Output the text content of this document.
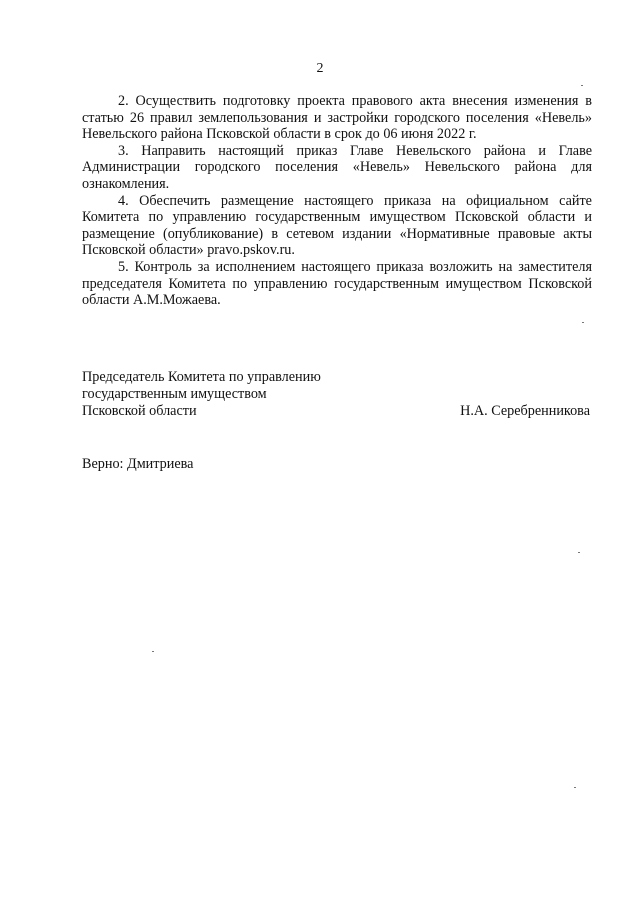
2

2. Осуществить подготовку проекта правового акта внесения изменения в статью 26 правил землепользования и застройки городского поселения «Невель» Невельского района Псковской области в срок до 06 июня 2022 г.

3. Направить настоящий приказ Главе Невельского района и Главе Администрации городского поселения «Невель» Невельского района для ознакомления.

4. Обеспечить размещение настоящего приказа на официальном сайте Комитета по управлению государственным имуществом Псковской области и размещение (опубликование) в сетевом издании «Нормативные правовые акты Псковской области» pravo.pskov.ru.

5. Контроль за исполнением настоящего приказа возложить на заместителя председателя Комитета по управлению государственным имуществом Псковской области А.М.Можаева.

Председатель Комитета по управлению государственным имуществом Псковской области	Н.А. Серебренникова
Верно: Дмитриева
